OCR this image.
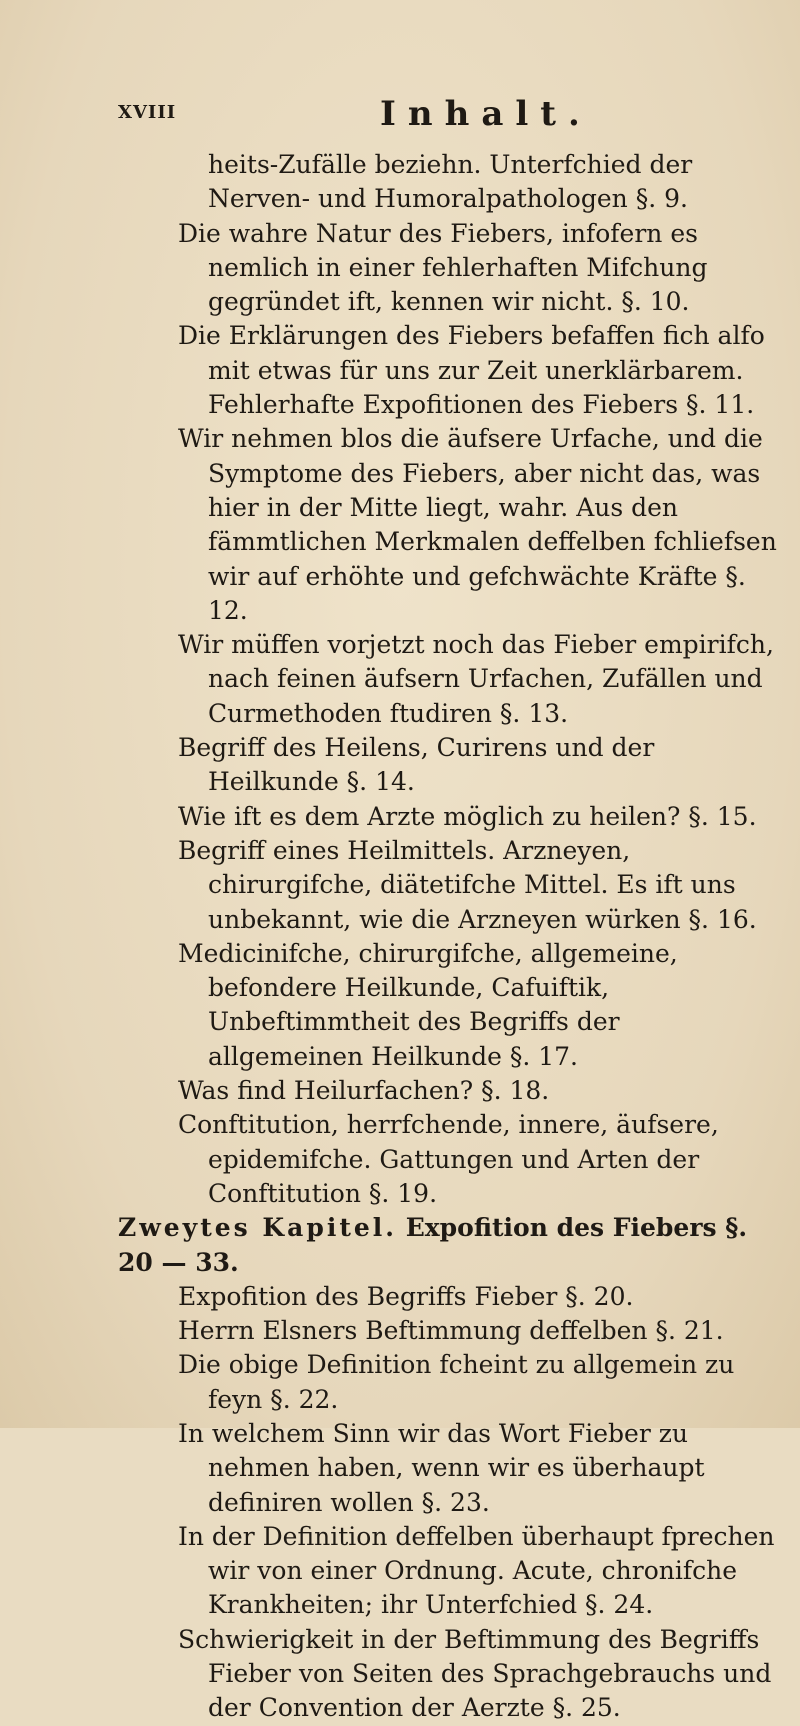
XVIII	Inhalt.

heits-Zufälle beziehn. Unterfchied der Nerven- und Humoralpathologen §. 9.

Die wahre Natur des Fiebers, infofern es nemlich in einer fehlerhaften Mifchung gegründet ift, kennen wir nicht. §. 10.

Die Erklärungen des Fiebers befaffen fich alfo mit etwas für uns zur Zeit unerklärbarem. Fehlerhafte Expofitionen des Fiebers §. 11.

Wir nehmen blos die äufsere Urfache, und die Symptome des Fiebers, aber nicht das, was hier in der Mitte liegt, wahr. Aus den fämmtlichen Merkmalen deffelben fchliefsen wir auf erhöhte und gefchwächte Kräfte §. 12.

Wir müffen vorjetzt noch das Fieber empirifch, nach feinen äufsern Urfachen, Zufällen und Curmethoden ftudiren §. 13.

Begriff des Heilens, Curirens und der Heilkunde §. 14.

Wie ift es dem Arzte möglich zu heilen? §. 15.

Begriff eines Heilmittels. Arzneyen, chirurgifche, diätetifche Mittel. Es ift uns unbekannt, wie die Arzneyen würken §. 16.

Medicinifche, chirurgifche, allgemeine, befondere Heilkunde, Cafuiftik, Unbeftimmtheit des Begriffs der allgemeinen Heilkunde §. 17.

Was find Heilurfachen? §. 18.

Conftitution, herrfchende, innere, äufsere, epidemifche. Gattungen und Arten der Conftitution §. 19.

Zweytes Kapitel. Expofition des Fiebers §. 20 — 33.

Expofition des Begriffs Fieber §. 20.

Herrn Elsners Beftimmung deffelben §. 21.

Die obige Definition fcheint zu allgemein zu feyn §. 22.

In welchem Sinn wir das Wort Fieber zu nehmen haben, wenn wir es überhaupt definiren wollen §. 23.

In der Definition deffelben überhaupt fprechen wir von einer Ordnung. Acute, chronifche Krankheiten; ihr Unterfchied §. 24.

Schwierigkeit in der Beftimmung des Begriffs Fieber von Seiten des Sprachgebrauchs und der Convention der Aerzte §. 25.
